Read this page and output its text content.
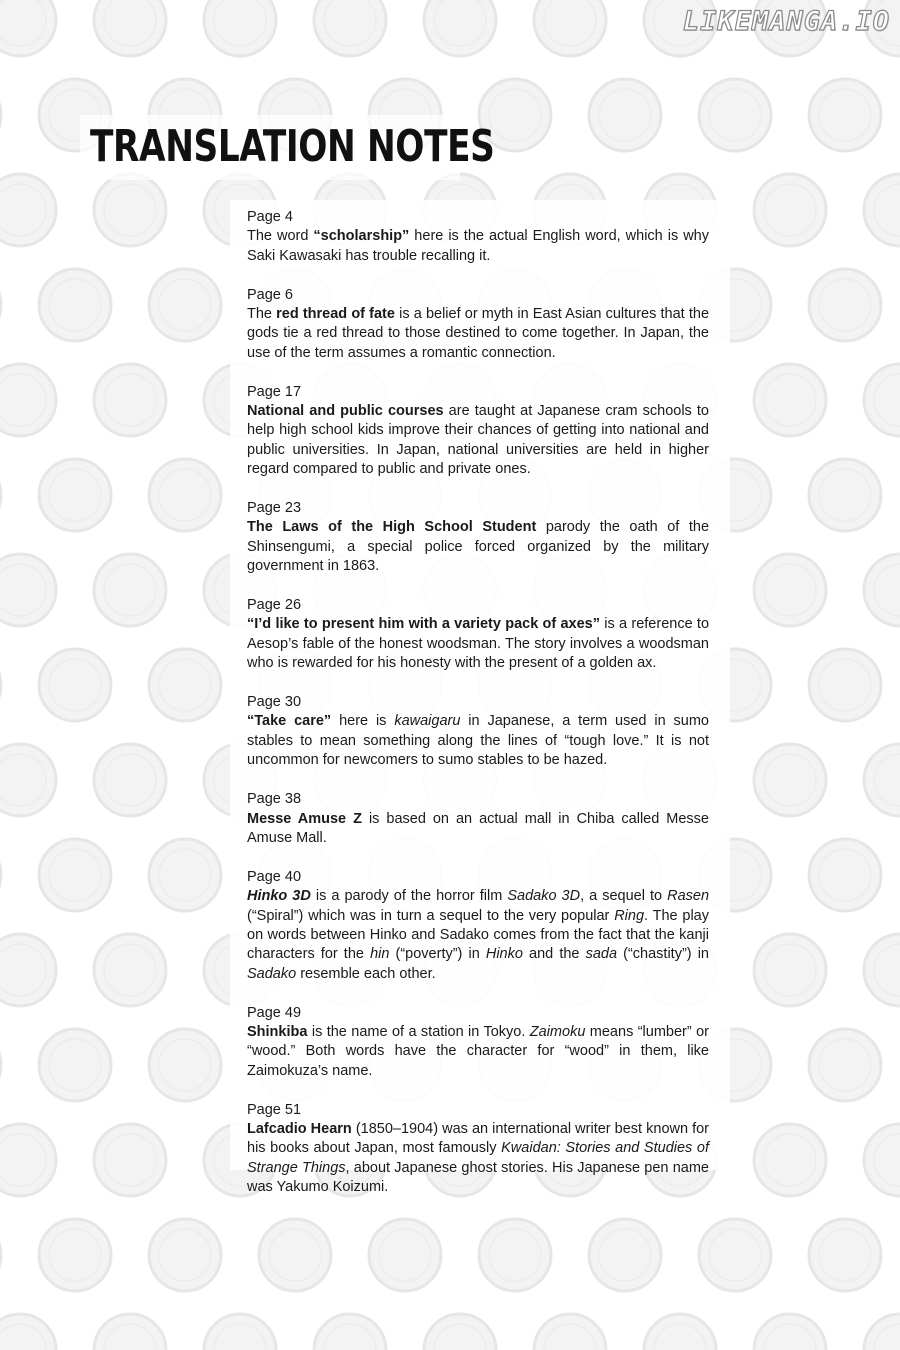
LIKEMANGA.IO
TRANSLATION NOTES
Page 4
The word “scholarship” here is the actual English word, which is why Saki Kawasaki has trouble recalling it.
Page 6
The red thread of fate is a belief or myth in East Asian cultures that the gods tie a red thread to those destined to come together. In Japan, the use of the term assumes a romantic connection.
Page 17
National and public courses are taught at Japanese cram schools to help high school kids improve their chances of getting into national and public universities. In Japan, national universities are held in higher regard compared to public and private ones.
Page 23
The Laws of the High School Student parody the oath of the Shinsengumi, a special police forced organized by the military government in 1863.
Page 26
“I’d like to present him with a variety pack of axes” is a reference to Aesop’s fable of the honest woodsman. The story involves a woodsman who is rewarded for his honesty with the present of a golden ax.
Page 30
“Take care” here is kawaigaru in Japanese, a term used in sumo stables to mean something along the lines of “tough love.” It is not uncommon for newcomers to sumo stables to be hazed.
Page 38
Messe Amuse Z is based on an actual mall in Chiba called Messe Amuse Mall.
Page 40
Hinko 3D is a parody of the horror film Sadako 3D, a sequel to Rasen (“Spiral”) which was in turn a sequel to the very popular Ring. The play on words between Hinko and Sadako comes from the fact that the kanji characters for the hin (“poverty”) in Hinko and the sada (“chastity”) in Sadako resemble each other.
Page 49
Shinkiba is the name of a station in Tokyo. Zaimoku means “lumber” or “wood.” Both words have the character for “wood” in them, like Zaimokuza’s name.
Page 51
Lafcadio Hearn (1850–1904) was an international writer best known for his books about Japan, most famously Kwaidan: Stories and Studies of Strange Things, about Japanese ghost stories. His Japanese pen name was Yakumo Koizumi.
